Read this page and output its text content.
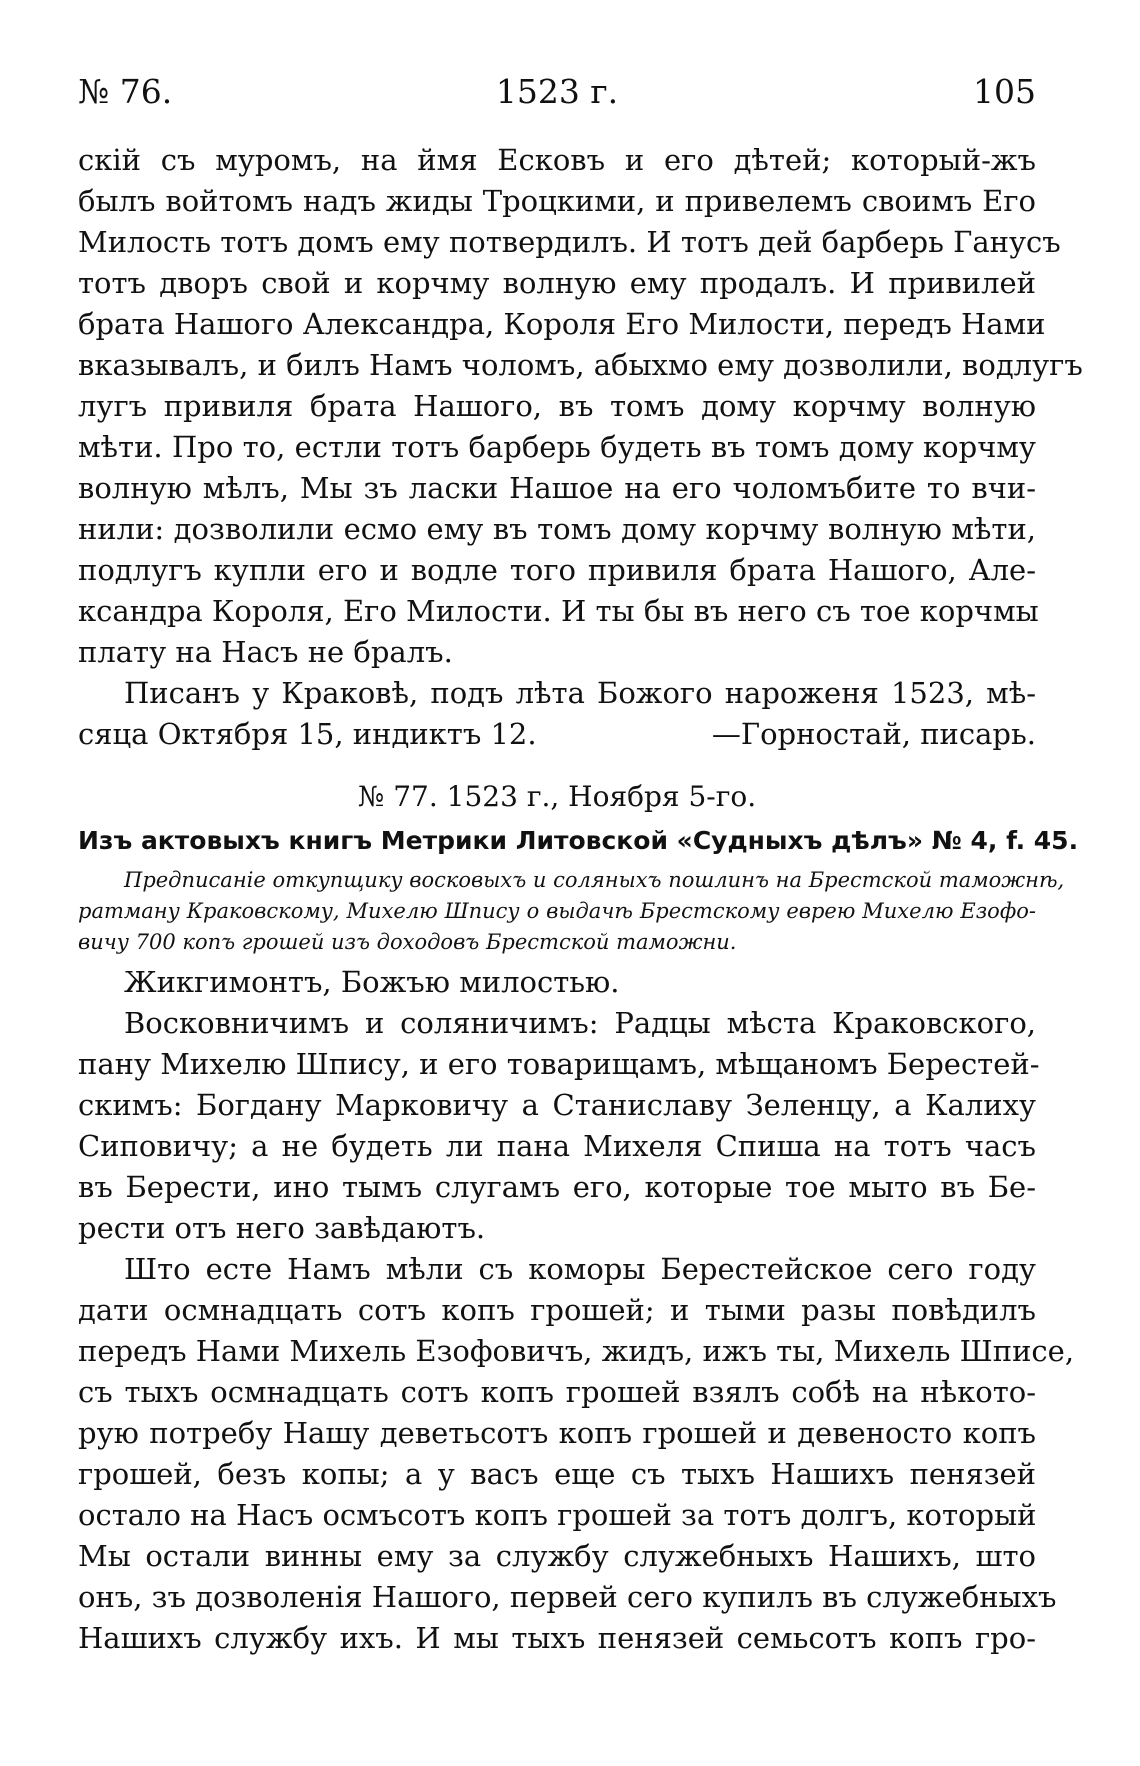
№ 76.	1523 г.	105
скій съ муромъ, на ймя Есковъ и его дѣтей; который-жъ
былъ войтомъ надъ жиды Троцкими, и привелемъ своимъ Его
Милость тотъ домъ ему потвердилъ. И тотъ дей барберь Ганусъ
тотъ дворъ свой и корчму волную ему продалъ. И привилей
брата Нашого Александра, Короля Его Милости, передъ Нами
вказывалъ, и билъ Намъ чоломъ, абыхмо ему дозволили, водлугъ
лугъ привиля брата Нашого, въ томъ дому корчму волную
мѣти. Про то, естли тотъ барберь будеть въ томъ дому корчму
волную мѣлъ, Мы зъ ласки Нашое на его чоломъбите то вчи-
нили: дозволили есмо ему въ томъ дому корчму волную мѣти,
подлугъ купли его и водле того привиля брата Нашого, Але-
ксандра Короля, Его Милости. И ты бы въ него съ тое корчмы
плату на Насъ не бралъ.
Писанъ у Краковѣ, подъ лѣта Божого нароженя 1523, мѣ-
сяца Октября 15, индиктъ 12.	—Горностай, писарь.
№ 77. 1523 г., Ноября 5-го.
Изъ актовыхъ книгъ Метрики Литовской «Судныхъ дѣлъ» № 4, f. 45.
Предписаніе откупщику восковыхъ и соляныхъ пошлинъ на Брестской таможнѣ,
ратману Краковскому, Михелю Шпису о выдачѣ Брестскому еврею Михелю Езофо-
вичу 700 копъ грошей изъ доходовъ Брестской таможни.
Жикгимонтъ, Божъю милостью.
Восковничимъ и соляничимъ: Радцы мѣста Краковского,
пану Михелю Шпису, и его товарищамъ, мѣщаномъ Берестей-
скимъ: Богдану Марковичу а Станиславу Зеленцу, а Калиху
Сиповичу; а не будеть ли пана Михеля Спиша на тотъ часъ
въ Берести, ино тымъ слугамъ его, которые тое мыто въ Бе-
рести отъ него завѣдаютъ.
Што есте Намъ мѣли съ коморы Берестейское сего году
дати осмнадцать сотъ копъ грошей; и тыми разы повѣдилъ
передъ Нами Михель Езофовичъ, жидъ, ижъ ты, Михель Шписе,
съ тыхъ осмнадцать сотъ копъ грошей взялъ собѣ на нѣкото-
рую потребу Нашу деветьсотъ копъ грошей и девеносто копъ
грошей, безъ копы; а у васъ еще съ тыхъ Нашихъ пенязей
остало на Насъ осмъсотъ копъ грошей за тотъ долгъ, который
Мы остали винны ему за службу служебныхъ Нашихъ, што
онъ, зъ дозволенія Нашого, первей сего купилъ въ служебныхъ
Нашихъ службу ихъ. И мы тыхъ пенязей семьсотъ копъ гро-
